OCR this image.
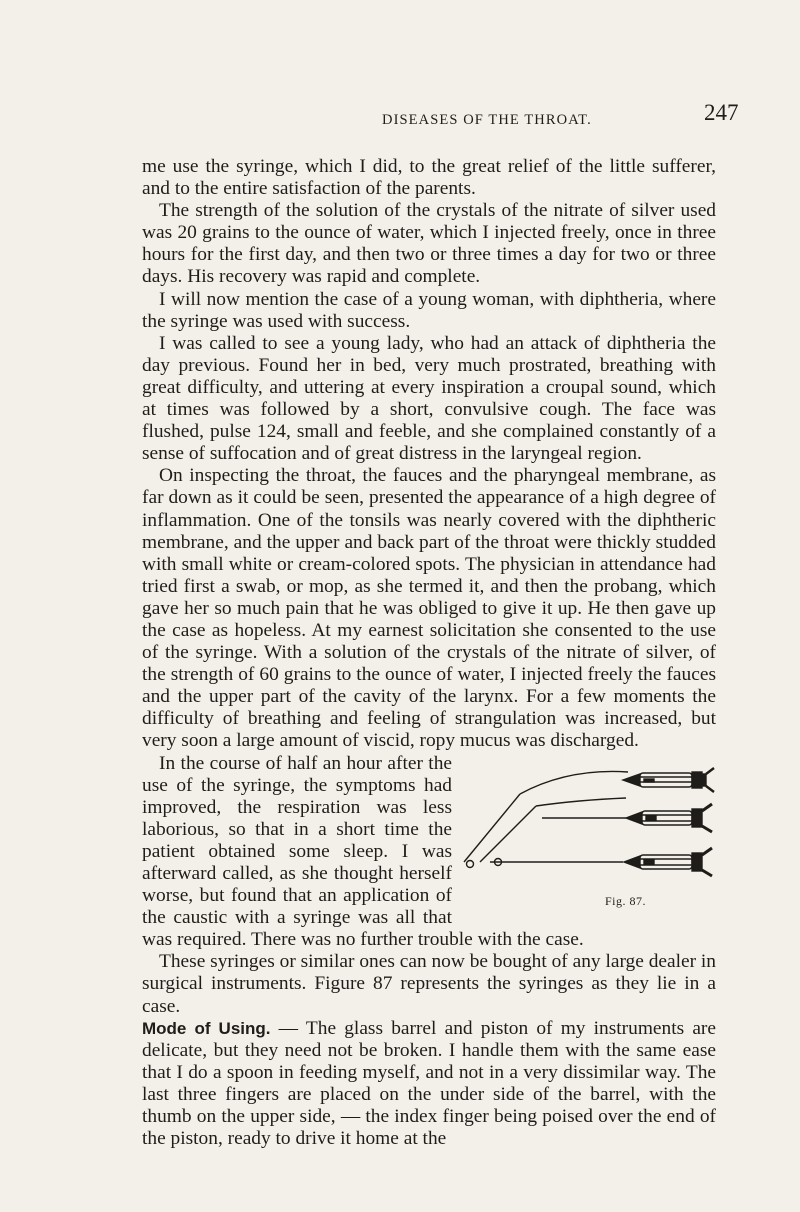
DISEASES OF THE THROAT.	247

me use the syringe, which I did, to the great relief of the little sufferer, and to the entire satisfaction of the parents.

The strength of the solution of the crystals of the nitrate of silver used was 20 grains to the ounce of water, which I injected freely, once in three hours for the first day, and then two or three times a day for two or three days. His recovery was rapid and complete.

I will now mention the case of a young woman, with diphtheria, where the syringe was used with success.

I was called to see a young lady, who had an attack of diphtheria the day previous. Found her in bed, very much prostrated, breathing with great difficulty, and uttering at every inspiration a croupal sound, which at times was followed by a short, convulsive cough. The face was flushed, pulse 124, small and feeble, and she complained constantly of a sense of suffocation and of great distress in the laryngeal region.

On inspecting the throat, the fauces and the pharyngeal membrane, as far down as it could be seen, presented the appearance of a high degree of inflammation. One of the tonsils was nearly covered with the diphtheric membrane, and the upper and back part of the throat were thickly studded with small white or cream-colored spots. The physician in attendance had tried first a swab, or mop, as she termed it, and then the probang, which gave her so much pain that he was obliged to give it up. He then gave up the case as hopeless. At my earnest solicitation she consented to the use of the syringe. With a solution of the crystals of the nitrate of silver, of the strength of 60 grains to the ounce of water, I injected freely the fauces and the upper part of the cavity of the larynx. For a few moments the difficulty of breathing and feeling of strangulation was increased, but very soon a large amount of viscid, ropy mucus was discharged.

Fig. 87.
In the course of half an hour after the use of the syringe, the symptoms had improved, the respiration was less laborious, so that in a short time the patient obtained some sleep. I was afterward called, as she thought herself worse, but found that an application of the caustic with a syringe was all that was required. There was no further trouble with the case.

These syringes or similar ones can now be bought of any large dealer in surgical instruments. Figure 87 represents the syringes as they lie in a case.

Mode of Using. — The glass barrel and piston of my instruments are delicate, but they need not be broken. I handle them with the same ease that I do a spoon in feeding myself, and not in a very dissimilar way. The last three fingers are placed on the under side of the barrel, with the thumb on the upper side, — the index finger being poised over the end of the piston, ready to drive it home at the
